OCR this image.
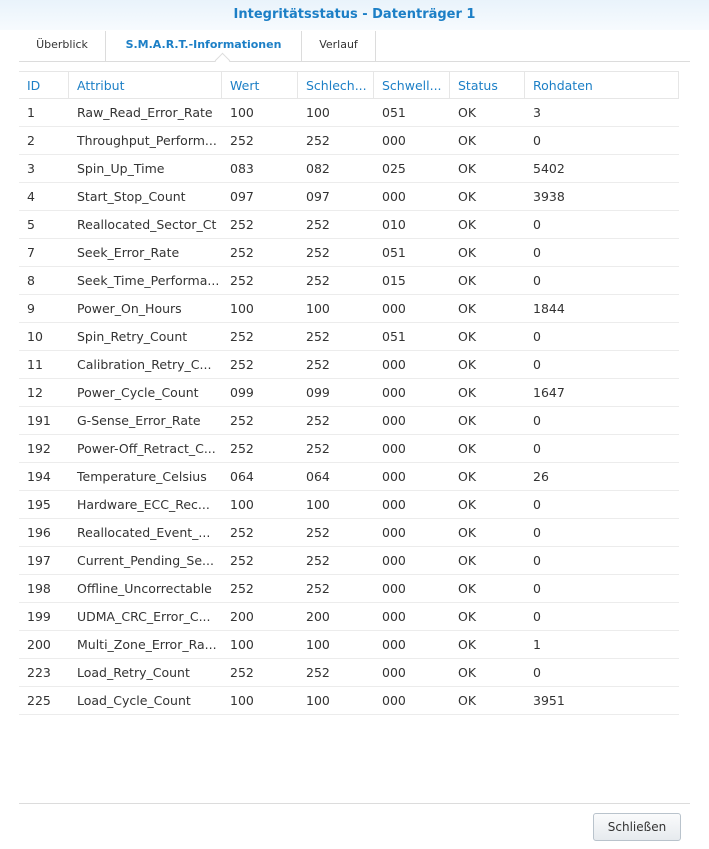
Integritätsstatus - Datenträger 1
Überblick	S.M.A.R.T.-Informationen	Verlauf
ID	Attribut	Wert	Schlech...	Schwell...	Status	Rohdaten
1	Raw_Read_Error_Rate	100	100	051	OK	3
2	Throughput_Perform...	252	252	000	OK	0
3	Spin_Up_Time	083	082	025	OK	5402
4	Start_Stop_Count	097	097	000	OK	3938
5	Reallocated_Sector_Ct	252	252	010	OK	0
7	Seek_Error_Rate	252	252	051	OK	0
8	Seek_Time_Performa... 252	252	015	OK	0
9	Power_On_Hours	100	100	000	OK	1844
10	Spin_Retry_Count	252	252	051	OK	0
11	Calibration_Retry_C...	252	252	000	OK	0
12	Power_Cycle_Count	099	099	000	OK	1647
191	G-Sense_Error_Rate	252	252	000	OK	0
192	Power-Off_Retract_C...	252	252	000	OK	0
194	Temperature_Celsius	064	064	000	OK	26
195	Hardware_ECC_Rec...	100	100	000	OK	0
196	Reallocated_Event_...	252	252	000	OK	0
197	Current_Pending_Se...	252	252	000	OK	0
198	Offline_Uncorrectable	252	252	000	OK	0
199	UDMA_CRC_Error_C...	200	200	000	OK	0
200	Multi_Zone_Error_Ra...	100	100	000	OK	1
223	Load_Retry_Count	252	252	000	OK	0
225	Load_Cycle_Count	100	100	000	OK	3951
Schließen
